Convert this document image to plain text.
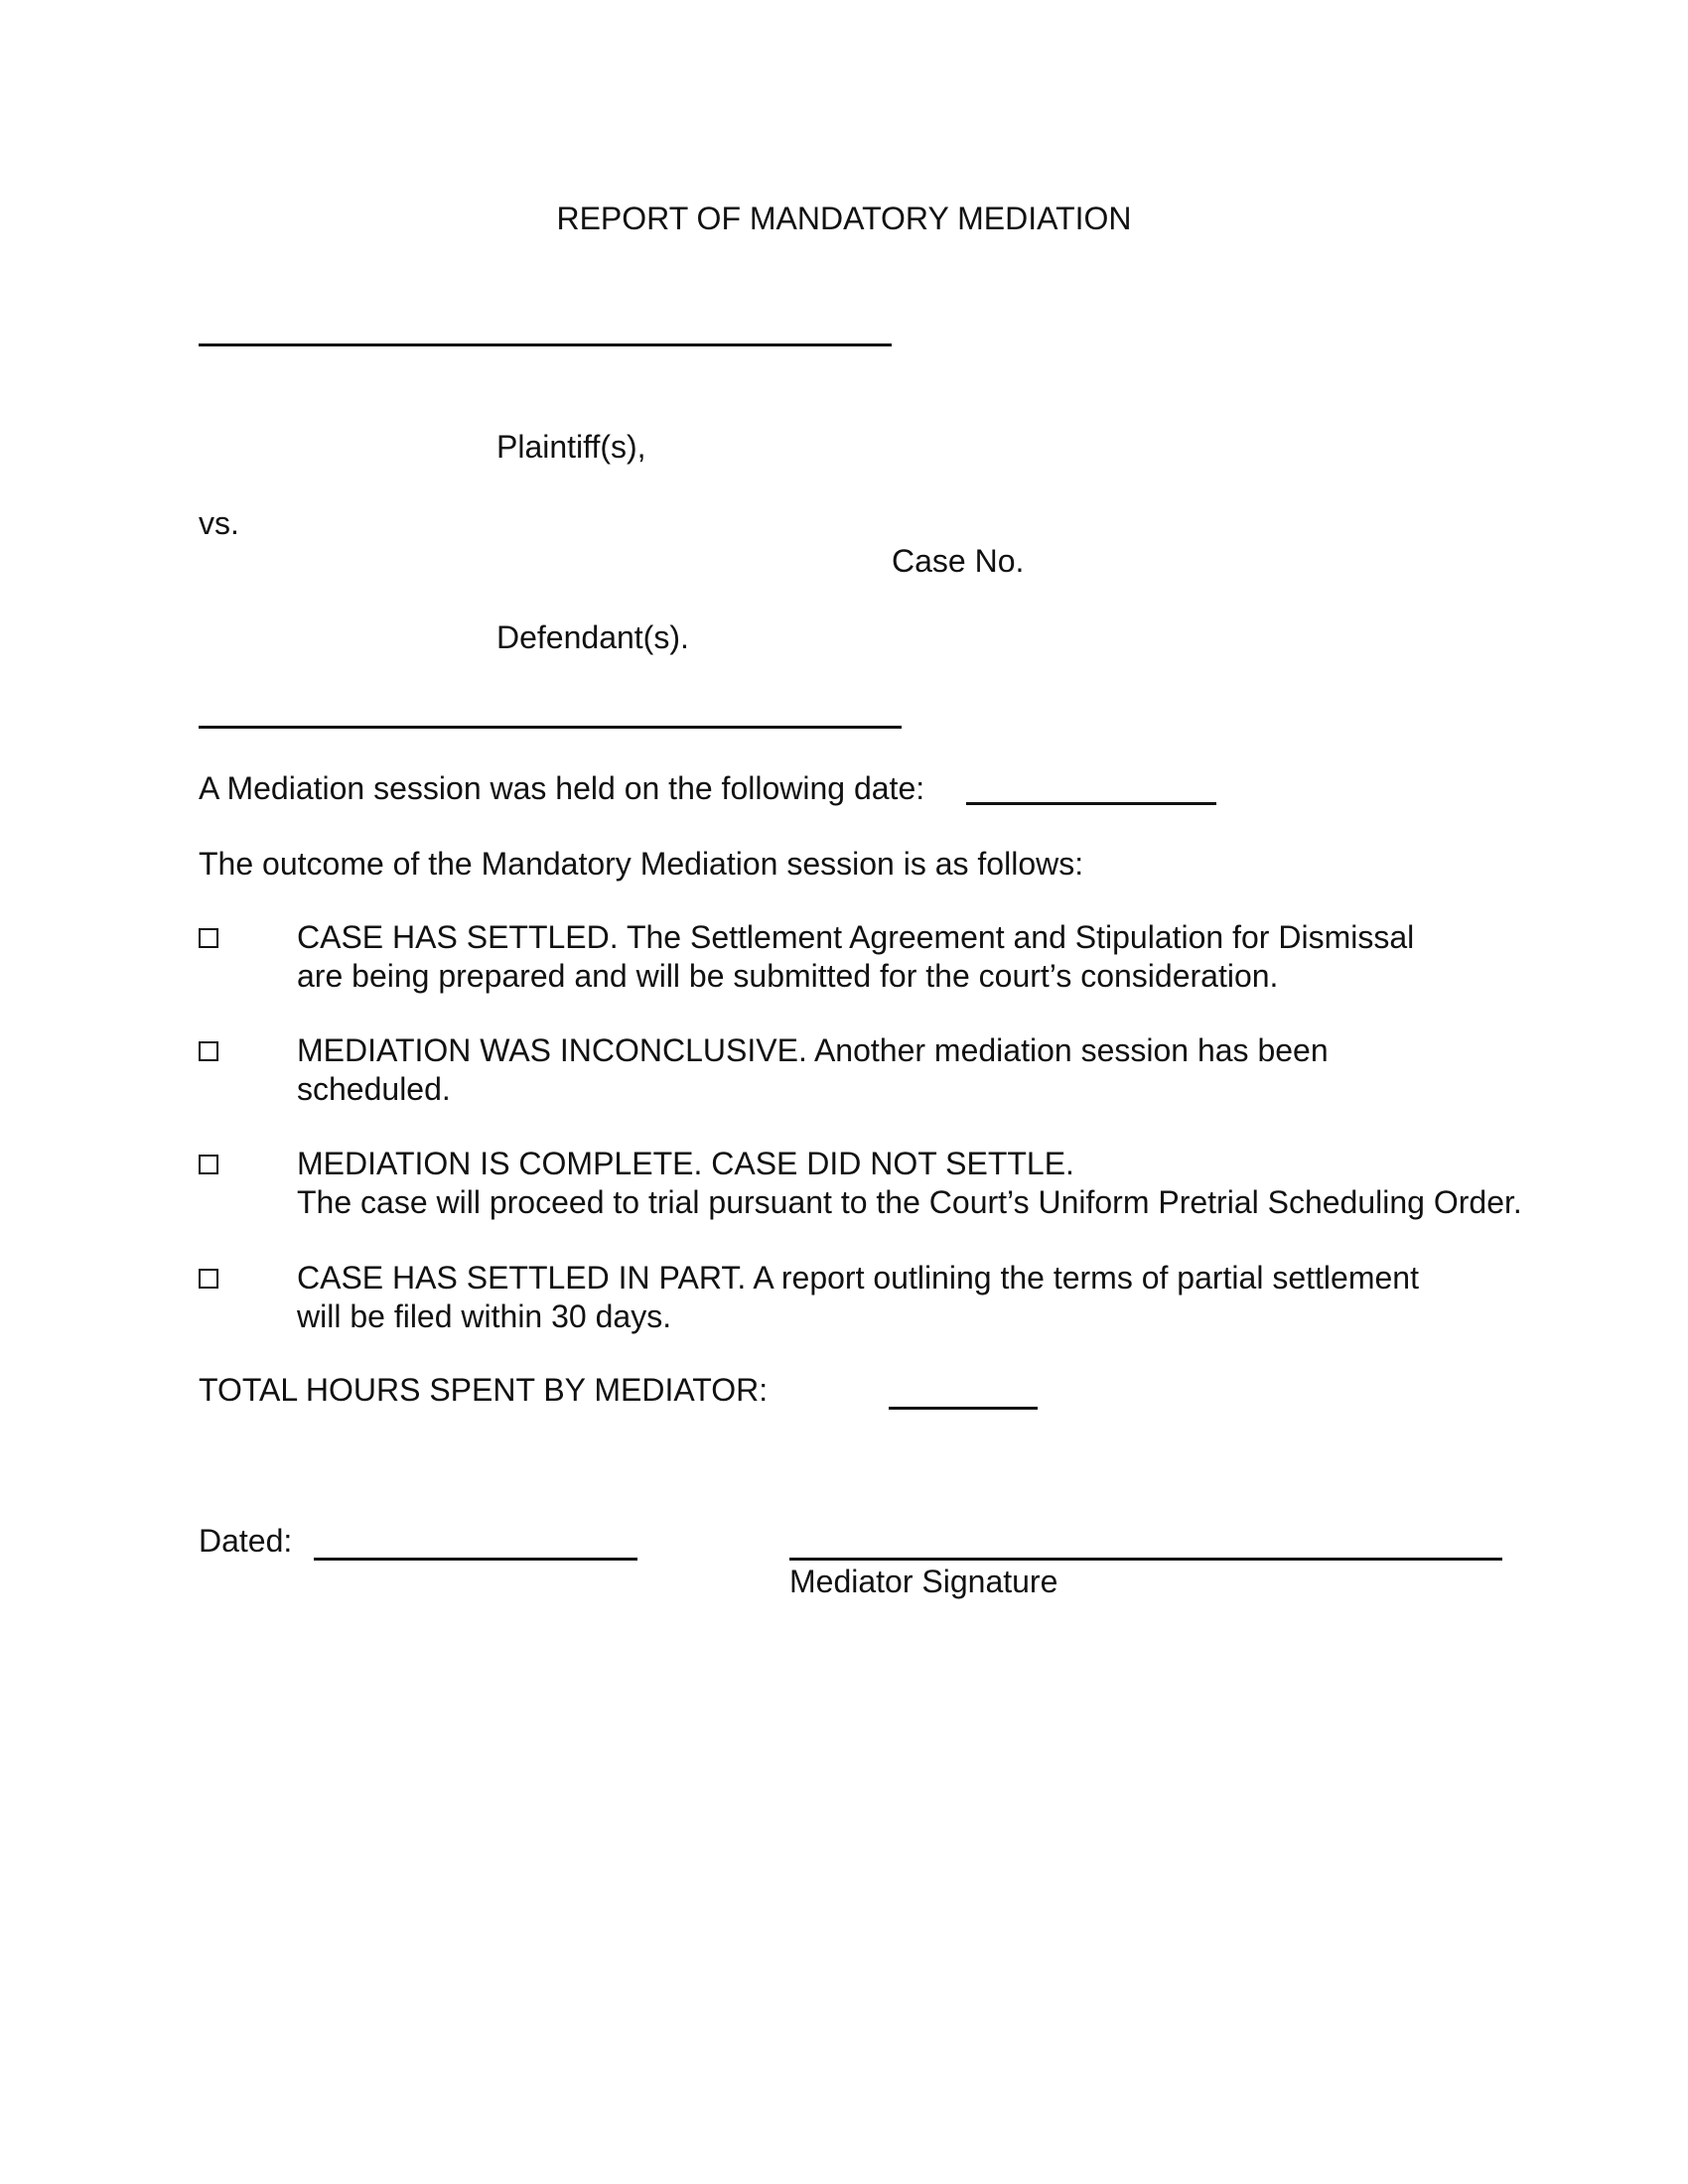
REPORT OF MANDATORY MEDIATION
Plaintiff(s),
vs.
Case No.
Defendant(s).
A Mediation session was held on the following date:
The outcome of the Mandatory Mediation session is as follows:
CASE HAS SETTLED. The Settlement Agreement and Stipulation for Dismissal
are being prepared and will be submitted for the court’s consideration.
MEDIATION WAS INCONCLUSIVE. Another mediation session has been
scheduled.
MEDIATION IS COMPLETE. CASE DID NOT SETTLE.
The case will proceed to trial pursuant to the Court’s Uniform Pretrial Scheduling Order.
CASE HAS SETTLED IN PART. A report outlining the terms of partial settlement
will be filed within 30 days.
TOTAL HOURS SPENT BY MEDIATOR:
Dated:
Mediator Signature
